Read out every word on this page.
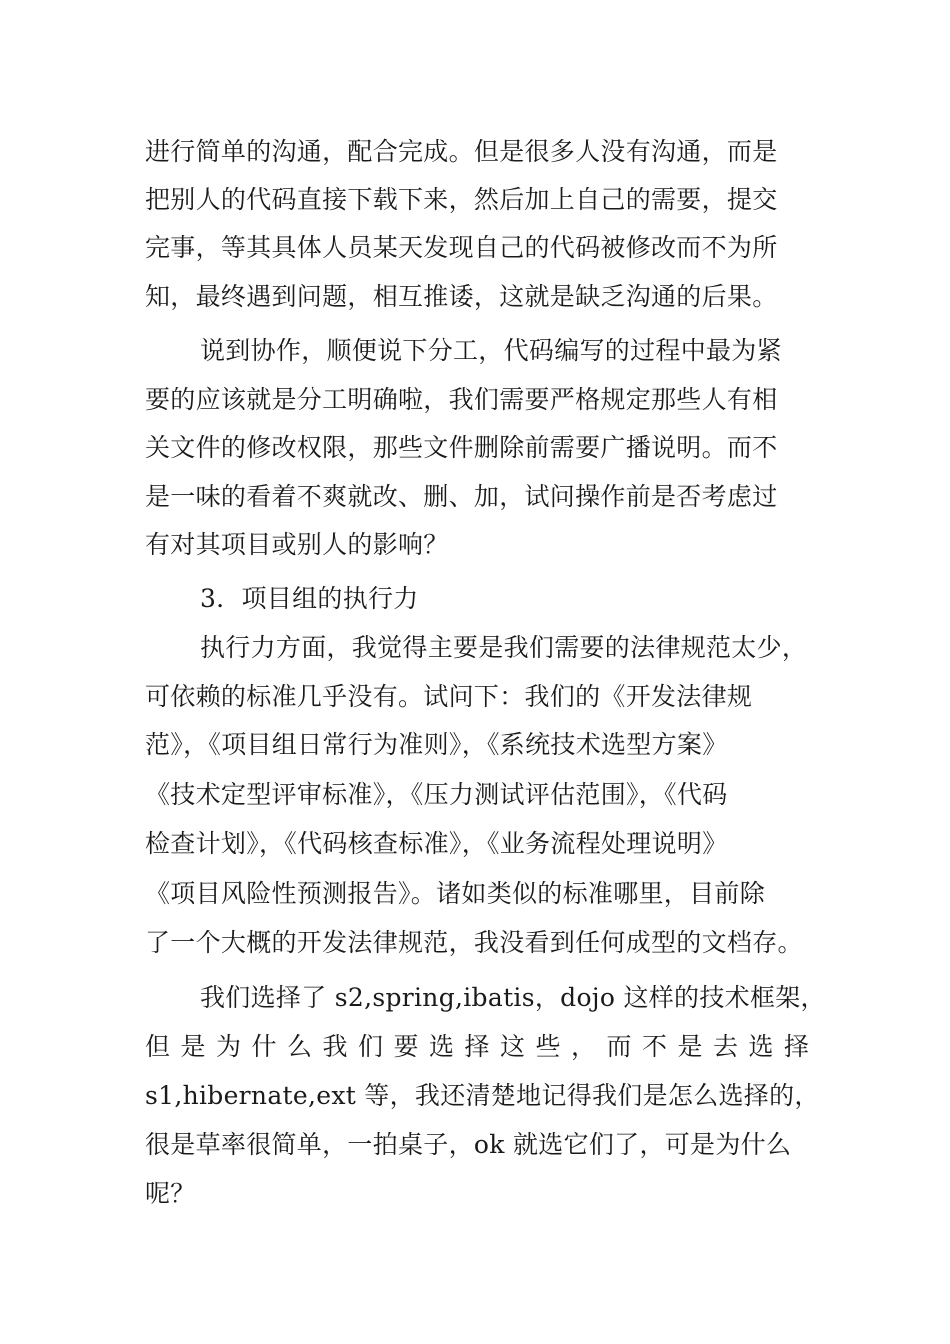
进行简单的沟通，配合完成。但是很多人没有沟通，而是
把别人的代码直接下载下来，然后加上自己的需要，提交
完事，等其具体人员某天发现自己的代码被修改而不为所
知，最终遇到问题，相互推诿，这就是缺乏沟通的后果。
说到协作，顺便说下分工，代码编写的过程中最为紧
要的应该就是分工明确啦，我们需要严格规定那些人有相
关文件的修改权限，那些文件删除前需要广播说明。而不
是一味的看着不爽就改、删、加，试问操作前是否考虑过
有对其项目或别人的影响？
3．项目组的执行力
执行力方面，我觉得主要是我们需要的法律规范太少，
可依赖的标准几乎没有。试问下：我们的《开发法律规
范》，《项目组日常行为准则》，《系统技术选型方案》
《技术定型评审标准》，《压力测试评估范围》，《代码
检查计划》，《代码核查标准》，《业务流程处理说明》
《项目风险性预测报告》。诸如类似的标准哪里，目前除
了一个大概的开发法律规范，我没看到任何成型的文档存。
我们选择了 s2,spring,ibatis，dojo 这样的技术框架，
但是为什么我们要选择这些，而不是去选择
s1,hibernate,ext 等，我还清楚地记得我们是怎么选择的，
很是草率很简单，一拍桌子，ok 就选它们了，可是为什么
呢？
